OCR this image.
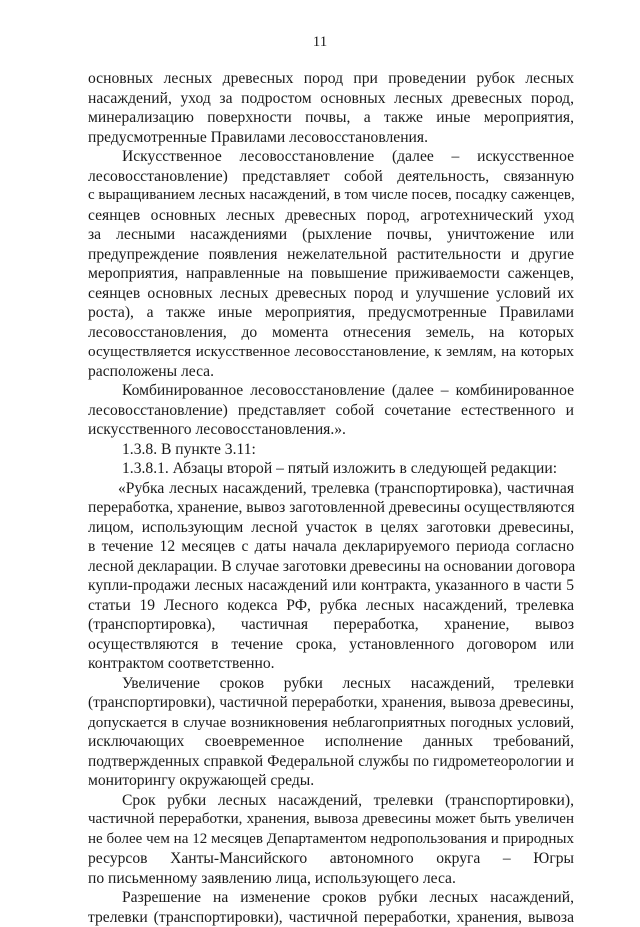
11
основных лесных древесных пород при проведении рубок лесных
насаждений, уход за подростом основных лесных древесных пород,
минерализацию поверхности почвы, а также иные мероприятия,
предусмотренные Правилами лесовосстановления.
Искусственное лесовосстановление (далее – искусственное
лесовосстановление) представляет собой деятельность, связанную
с выращиванием лесных насаждений, в том числе посев, посадку саженцев,
сеянцев основных лесных древесных пород, агротехнический уход
за лесными насаждениями (рыхление почвы, уничтожение или
предупреждение появления нежелательной растительности и другие
мероприятия, направленные на повышение приживаемости саженцев,
сеянцев основных лесных древесных пород и улучшение условий их
роста), а также иные мероприятия, предусмотренные Правилами
лесовосстановления, до момента отнесения земель, на которых
осуществляется искусственное лесовосстановление, к землям, на которых
расположены леса.
Комбинированное лесовосстановление (далее – комбинированное
лесовосстановление) представляет собой сочетание естественного и
искусственного лесовосстановления.».
1.3.8. В пункте 3.11:
1.3.8.1. Абзацы второй – пятый изложить в следующей редакции:
«Рубка лесных насаждений, трелевка (транспортировка), частичная
переработка, хранение, вывоз заготовленной древесины осуществляются
лицом, использующим лесной участок в целях заготовки древесины,
в течение 12 месяцев с даты начала декларируемого периода согласно
лесной декларации. В случае заготовки древесины на основании договора
купли-продажи лесных насаждений или контракта, указанного в части 5
статьи 19 Лесного кодекса РФ, рубка лесных насаждений, трелевка
(транспортировка), частичная переработка, хранение, вывоз
осуществляются в течение срока, установленного договором или
контрактом соответственно.
Увеличение сроков рубки лесных насаждений, трелевки
(транспортировки), частичной переработки, хранения, вывоза древесины,
допускается в случае возникновения неблагоприятных погодных условий,
исключающих своевременное исполнение данных требований,
подтвержденных справкой Федеральной службы по гидрометеорологии и
мониторингу окружающей среды.
Срок рубки лесных насаждений, трелевки (транспортировки),
частичной переработки, хранения, вывоза древесины может быть увеличен
не более чем на 12 месяцев Департаментом недропользования и природных
ресурсов Ханты-Мансийского автономного округа – Югры
по письменному заявлению лица, использующего леса.
Разрешение на изменение сроков рубки лесных насаждений,
трелевки (транспортировки), частичной переработки, хранения, вывоза
